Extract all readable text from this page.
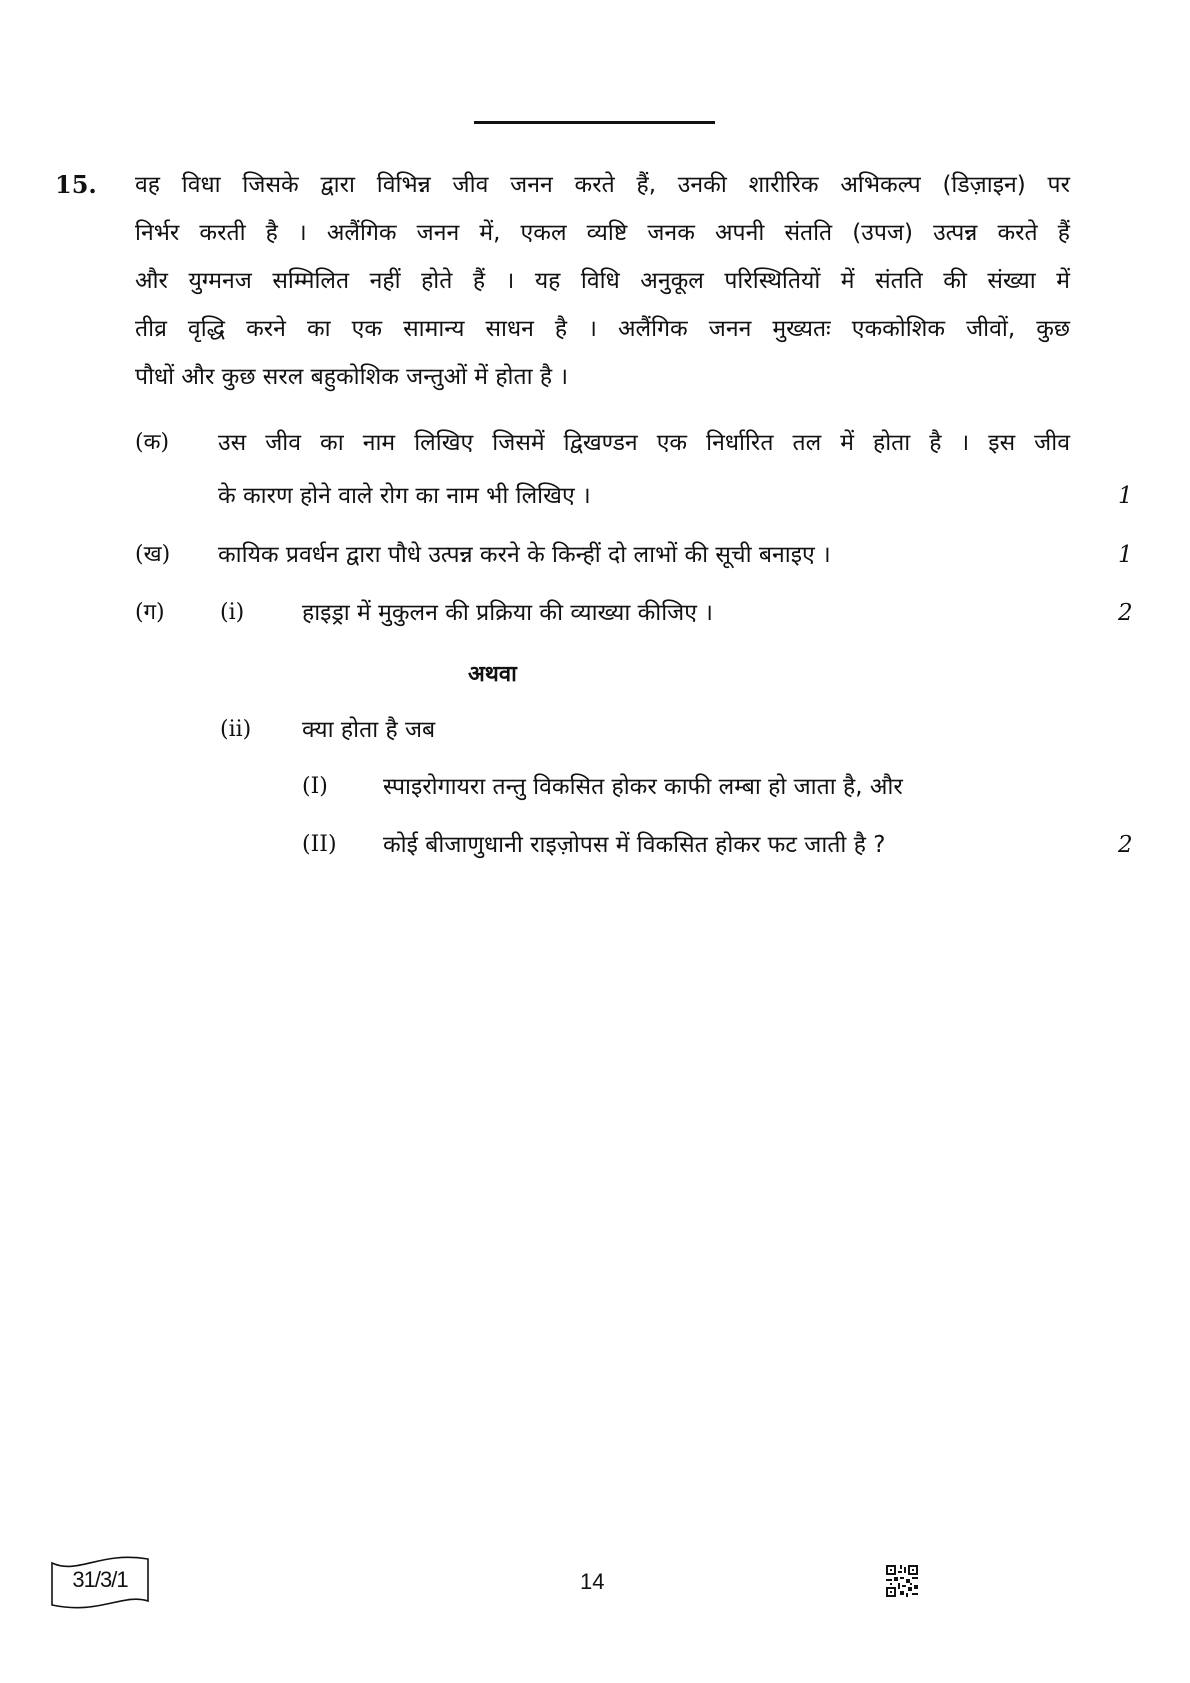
15. वह विधा जिसके द्वारा विभिन्न जीव जनन करते हैं, उनकी शारीरिक अभिकल्प (डिज़ाइन) पर
निर्भर करती है । अलैंगिक जनन में, एकल व्यष्टि जनक अपनी संतति (उपज) उत्पन्न करते हैं
और युग्मनज सम्मिलित नहीं होते हैं । यह विधि अनुकूल परिस्थितियों में संतति की संख्या में
तीव्र वृद्धि करने का एक सामान्य साधन है । अलैंगिक जनन मुख्यतः एककोशिक जीवों, कुछ
पौधों और कुछ सरल बहुकोशिक जन्तुओं में होता है ।
(क) उस जीव का नाम लिखिए जिसमें द्विखण्डन एक निर्धारित तल में होता है । इस जीव
के कारण होने वाले रोग का नाम भी लिखिए ।	1
(ख) कायिक प्रवर्धन द्वारा पौधे उत्पन्न करने के किन्हीं दो लाभों की सूची बनाइए ।	1
(ग)	(i)	हाइड्रा में मुकुलन की प्रक्रिया की व्याख्या कीजिए ।	2
अथवा
(ii) क्या होता है जब
(I) स्पाइरोगायरा तन्तु विकसित होकर काफी लम्बा हो जाता है, और
(II) कोई बीजाणुधानी राइज़ोपस में विकसित होकर फट जाती है ?	2
31/3/1	14
